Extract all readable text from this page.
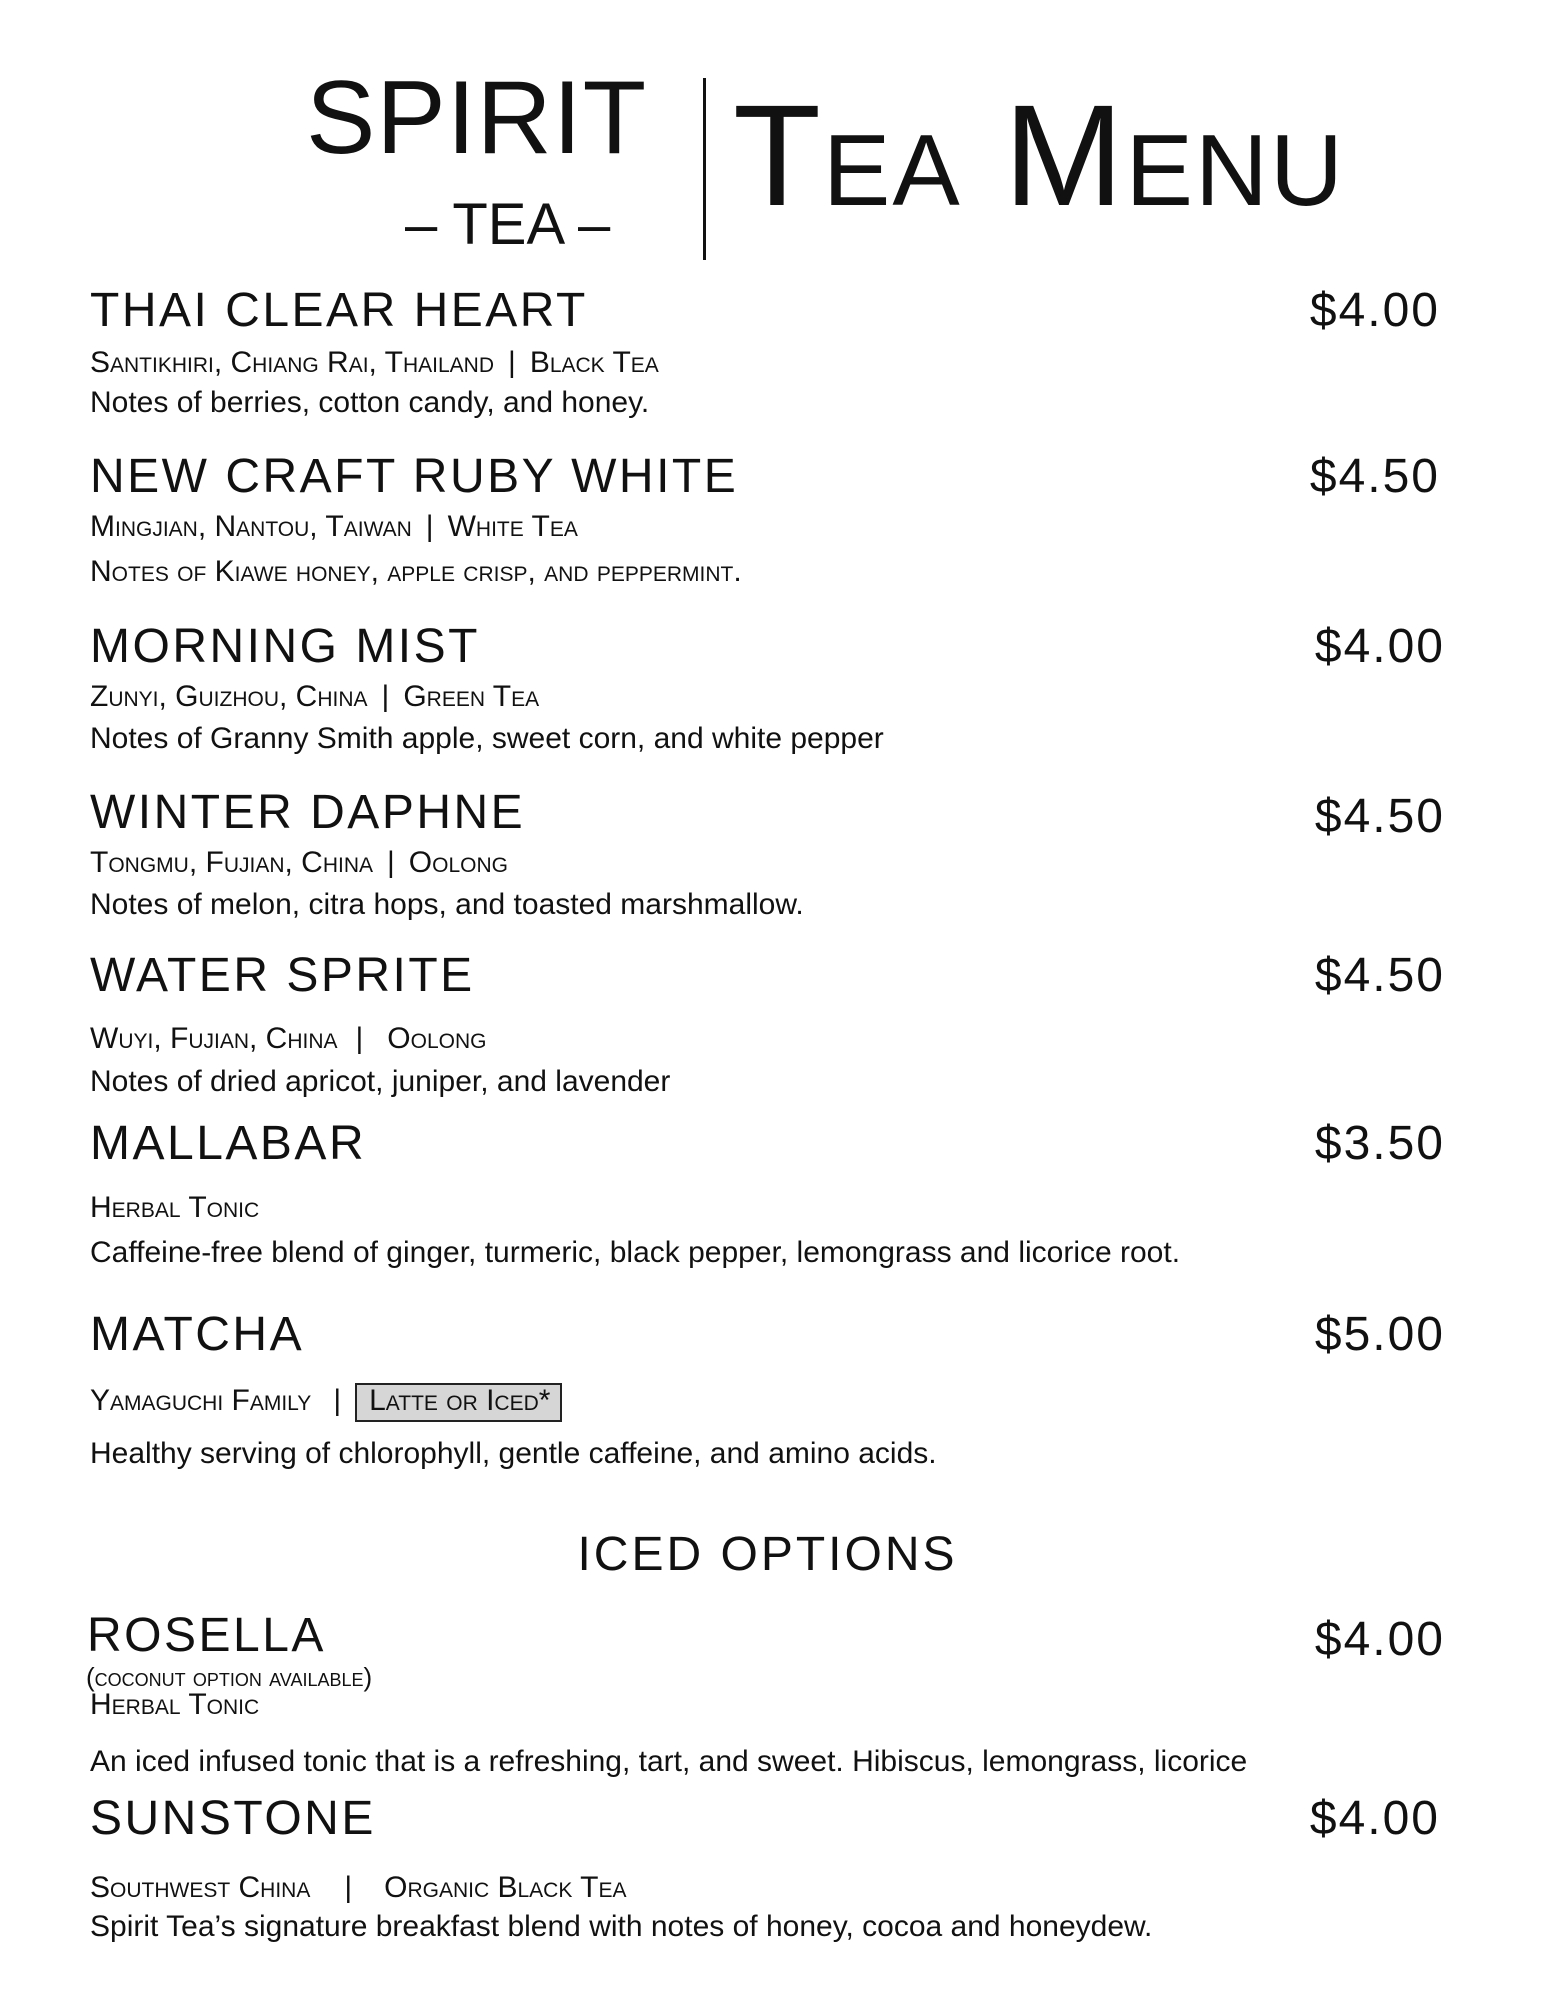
SPIRIT
– TEA – Tea Menu
THAI CLEAR HEART	$4.00
Santikhiri, Chiang Rai, Thailand | Black Tea
Notes of berries, cotton candy, and honey.
NEW CRAFT RUBY WHITE	$4.50
Mingjian, Nantou, Taiwan | White Tea
Notes of Kiawe honey, apple crisp, and peppermint.
MORNING MIST	$4.00
Zunyi, Guizhou, China | Green Tea
Notes of Granny Smith apple, sweet corn, and white pepper
WINTER DAPHNE	$4.50
Tongmu, Fujian, China | Oolong
Notes of melon, citra hops, and toasted marshmallow.
WATER SPRITE	$4.50
Wuyi, Fujian, China | Oolong
Notes of dried apricot, juniper, and lavender
MALLABAR	$3.50
Herbal Tonic
Caffeine-free blend of ginger, turmeric, black pepper, lemongrass and licorice root.
MATCHA	$5.00
Yamaguchi Family | Latte or Iced*
Healthy serving of chlorophyll, gentle caffeine, and amino acids.
ICED OPTIONS
ROSELLA	$4.00
(coconut option available)
Herbal Tonic
An iced infused tonic that is a refreshing, tart, and sweet. Hibiscus, lemongrass, licorice
SUNSTONE	$4.00
Southwest China | Organic Black Tea
Spirit Tea’s signature breakfast blend with notes of honey, cocoa and honeydew.
